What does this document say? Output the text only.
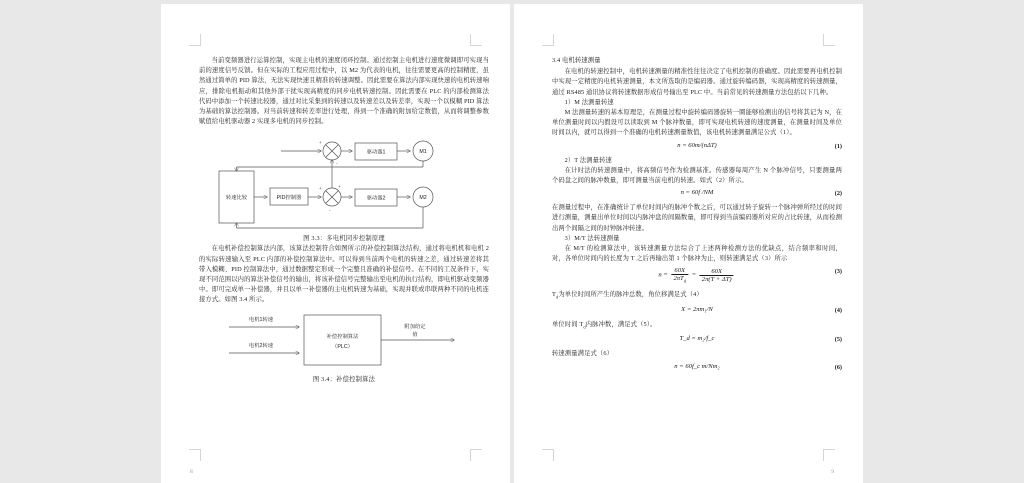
当前变频器进行运算控制，实现主电机的速度闭环控制。通过控制主电机进行速度微调即可实现当前的速度信号反馈。但在实际的工程应用过程中，以 M2 为代表的电机，往往需要更高的控制精度，虽然通过简单的 PID 算法，无法实现快速且精准的转速调整。因此需要在算法内部实现快速的电机转速响应，排除电机振动和其他外部干扰实现高精度的同步电机转速控制。因此需要在 PLC 的内部检测算法代码中添加一个转速比较器，通过对比采集到的转速以及转速差以及转差率，实现一个以模糊 PID 算法为基础的算法控制器。对当前转速和转差率进行处理，得到一个准确的附加给定数值，从而将调整参数赋值给电机驱动器 2 实现多电机的同步控制。

转速比较	PID控制器
驱动器1
驱动器2
M1
M2
+
-
+	+
-
图 3.3：多电机同步控制原理

在电机补偿控制算法内部，该算法控制符合如图所示的补偿控制算法结构，通过将电机机和电机 2 的实际转速输入至 PLC 内部的补偿控制算法中。可以得到当前两个电机的转速之差，通过转速差将其带入模糊、PID 控制算法中，通过数据整定形成一个完整且准确的补偿信号。在不同的工况条件下，实现不同范围以内的算法补偿信号的输出，将该补偿信号完整输出至电机的执行结构，即电机驱动变频器中。即可完成单一补偿器，并且以单一补偿器的主电机转速为基础，实现并联或串联两种不同的电机连接方式。如图 3.4 所示。

电机1转速
电机2转速
补偿控制算法
（PLC）
附加给定
值
图 3.4：补偿控制算法
8
3.4 电机转速测量

在电机的转速控制中，电机转速测量的精准性往往决定了电机控制的准确度。因此需要再电机控制中实现一定精度的电机转速测量，本文所选取的是编码器。通过旋转编码器，实现高精度的转速测量，通过 RS485 通讯协议将转速数据形成信号输出至 PLC 中。当前常见的转速测量方法包括以下几种。

1）M 法测量转速

M 法测量转速的基本原理是，在测量过程中旋转编码器旋转一圈能够检测出的信号将其记为 N，在单位测量时间以内假设可以读取到 M 个脉冲数量，即可实现电机转速的速度测量，在测量时间及单位时间以内，就可以得到一个准确的电机转速测量数值，该电机转速测量满足公式（1）。

n = 60m/(nΔT)	(1)
2）T 法测量转速

在计时法的转速测量中，将高频信号作为检测基准。传感器每周产生 N 个脉冲信号，只要测量两个码盘之间的脉冲数量，即可测量当前电机的转速。如式（2）所示。

n = 60f /NM	(2)

在测量过程中，在准确统计了单位时间内的脉冲个数之后，可以通过转子旋转一个脉冲弹所经过的时间进行测量，测量出单位时间以内脉冲盘的间隔数量，即可得到当前编码器所对应的占比转速，从而检测出两个间隔之间的时钟脉冲转速。

3）M/T 法转速测量

在 M/T 的检测算法中，该转速测量方法综合了上述两种检测方法的优缺点，结合频率和时间，对，各单位时间内的长度为 T 之后再输出第 1 个脉冲为止，则转速满足式（3）所示

$n = \frac{60X}{2\pi T_d} = \frac{60X}{2\pi(T + \Delta T)}$	(3)
$T_d$为单位时间所产生的脉冲总数，角位移满足式（4）
X = 2πm₁/N	(4)
单位时间 $T_d$内脉冲数，满足式（5）。
T_d = m₂/f_c	(5)
转速测量满足式（6）
n = 60f_c m/Nm₂	(6)
9
